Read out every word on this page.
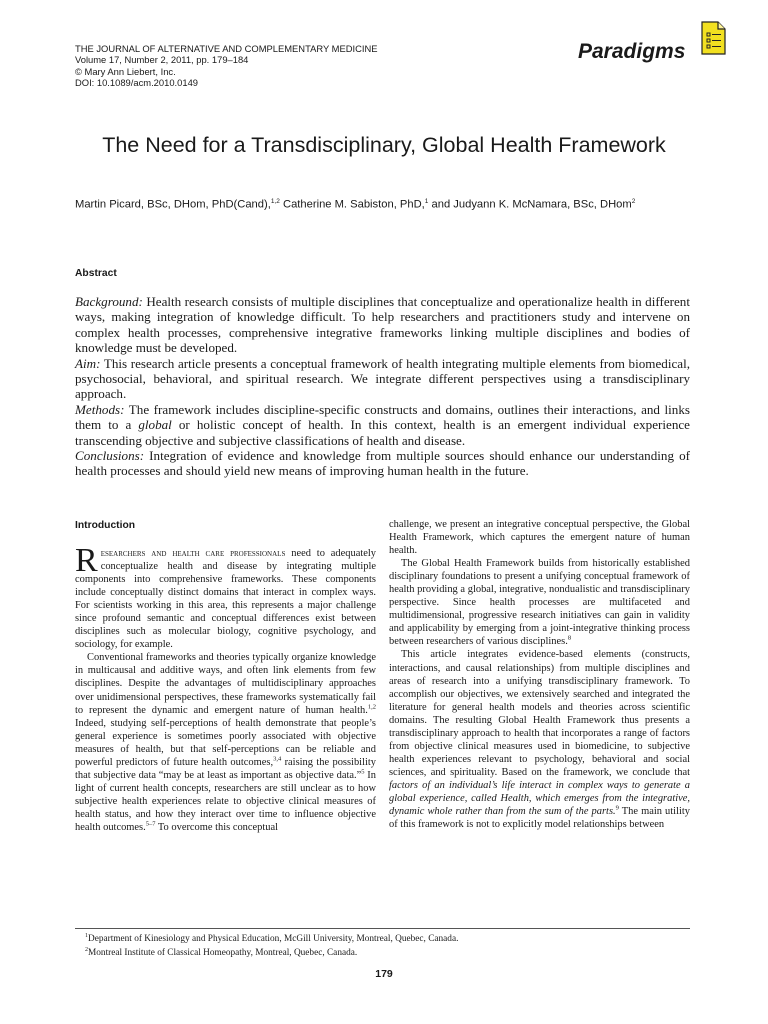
THE JOURNAL OF ALTERNATIVE AND COMPLEMENTARY MEDICINE
Volume 17, Number 2, 2011, pp. 179–184
© Mary Ann Liebert, Inc.
DOI: 10.1089/acm.2010.0149
Paradigms
The Need for a Transdisciplinary, Global Health Framework
Martin Picard, BSc, DHom, PhD(Cand),$^{1,2}$ Catherine M. Sabiston, PhD,$^1$ and Judyann K. McNamara, BSc, DHom$^2$
Abstract

Background: Health research consists of multiple disciplines that conceptualize and operationalize health in different ways, making integration of knowledge difficult. To help researchers and practitioners study and intervene on complex health processes, comprehensive integrative frameworks linking multiple disciplines and bodies of knowledge must be developed.

Aim: This research article presents a conceptual framework of health integrating multiple elements from biomedical, psychosocial, behavioral, and spiritual research. We integrate different perspectives using a transdisciplinary approach.

Methods: The framework includes discipline-specific constructs and domains, outlines their interactions, and links them to a global or holistic concept of health. In this context, health is an emergent individual experience transcending objective and subjective classifications of health and disease.

Conclusions: Integration of evidence and knowledge from multiple sources should enhance our understanding of health processes and should yield new means of improving human health in the future.

Introduction

Researchers and health care professionals need to adequately conceptualize health and disease by integrating multiple components into comprehensive frameworks. These components include conceptually distinct domains that interact in complex ways. For scientists working in this area, this represents a major challenge since profound semantic and conceptual differences exist between disciplines such as molecular biology, cognitive psychology, and sociology, for example.

Conventional frameworks and theories typically organize knowledge in multicausal and additive ways, and often link elements from few disciplines. Despite the advantages of multidisciplinary approaches over unidimensional perspectives, these frameworks systematically fail to represent the dynamic and emergent nature of human health.$^{1,2}$ Indeed, studying self-perceptions of health demonstrate that people’s general experience is sometimes poorly associated with objective measures of health, but that self-perceptions can be reliable and powerful predictors of future health outcomes,$^{3,4}$ raising the possibility that subjective data “may be at least as important as objective data.”$^5$ In light of current health concepts, researchers are still unclear as to how subjective health experiences relate to objective clinical measures of health status, and how they interact over time to influence objective health outcomes.$^{5-7}$ To overcome this conceptual

challenge, we present an integrative conceptual perspective, the Global Health Framework, which captures the emergent nature of human health.

The Global Health Framework builds from historically established disciplinary foundations to present a unifying conceptual framework of health providing a global, integrative, nondualistic and transdisciplinary perspective. Since health processes are multifaceted and multidimensional, progressive research initiatives can gain in validity and applicability by emerging from a joint-integrative thinking process between researchers of various disciplines.$^8$

This article integrates evidence-based elements (constructs, interactions, and causal relationships) from multiple disciplines and areas of research into a unifying transdisciplinary framework. To accomplish our objectives, we extensively searched and integrated the literature for general health models and theories across scientific domains. The resulting Global Health Framework thus presents a transdisciplinary approach to health that incorporates a range of factors from objective clinical measures used in biomedicine, to subjective health experiences relevant to psychology, behavioral and social sciences, and spirituality. Based on the framework, we conclude that factors of an individual’s life interact in complex ways to generate a global experience, called Health, which emerges from the integrative, dynamic whole rather than from the sum of the parts.$^9$ The main utility of this framework is not to explicitly model relationships between

$^1$Department of Kinesiology and Physical Education, McGill University, Montreal, Quebec, Canada.
$^2$Montreal Institute of Classical Homeopathy, Montreal, Quebec, Canada.
179
